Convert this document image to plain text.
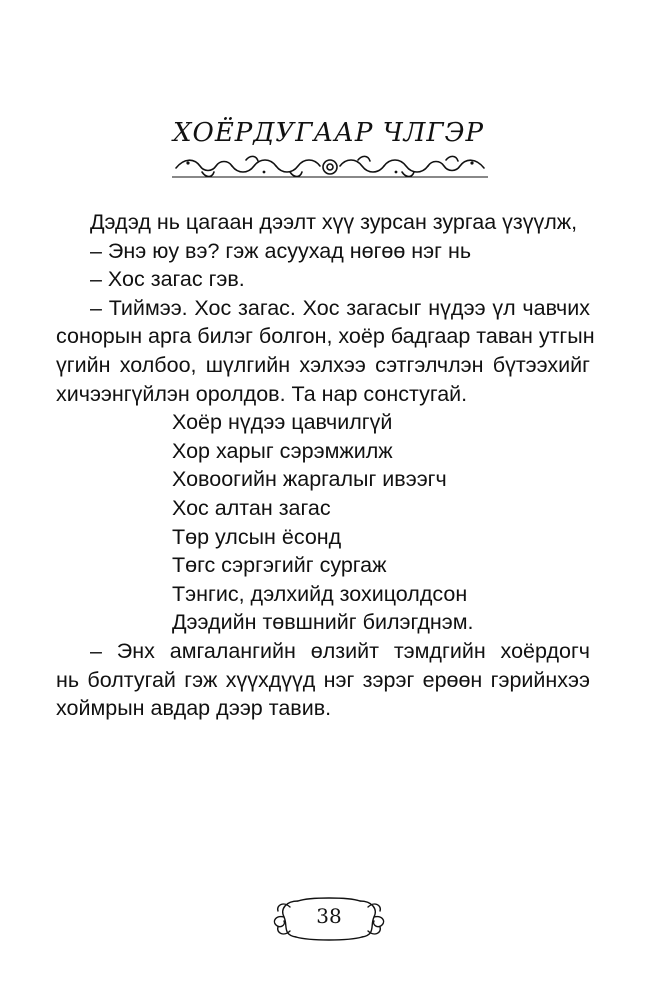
ХОЁРДУГААР ЧЛГЭР
Дэдэд нь цагаан дээлт хүү зурсан зургаа үзүүлж,
– Энэ юу вэ? гэж асуухад нөгөө нэг нь
– Хос загас гэв.
– Тиймээ. Хос загас. Хос загасыг нүдээ үл чавчих
сонорын арга билэг болгон, хоёр бадгаар таван утгын
үгийн холбоо, шүлгийн хэлхээ сэтгэлчлэн бүтээхийг
хичээнгүйлэн оролдов. Та нар сонстугай.
Хоёр нүдээ цавчилгүй
Хор харыг сэрэмжилж
Ховоогийн жаргалыг ивээгч
Хос алтан загас
Төр улсын ёсонд
Төгс сэргэгийг сургаж
Тэнгис, дэлхийд зохицолдсон
Дээдийн төвшнийг билэгднэм.
– Энх амгалангийн өлзийт тэмдгийн хоёрдогч
нь болтугай гэж хүүхдүүд нэг зэрэг ерөөн гэрийнхээ
хоймрын авдар дээр тавив.
38
